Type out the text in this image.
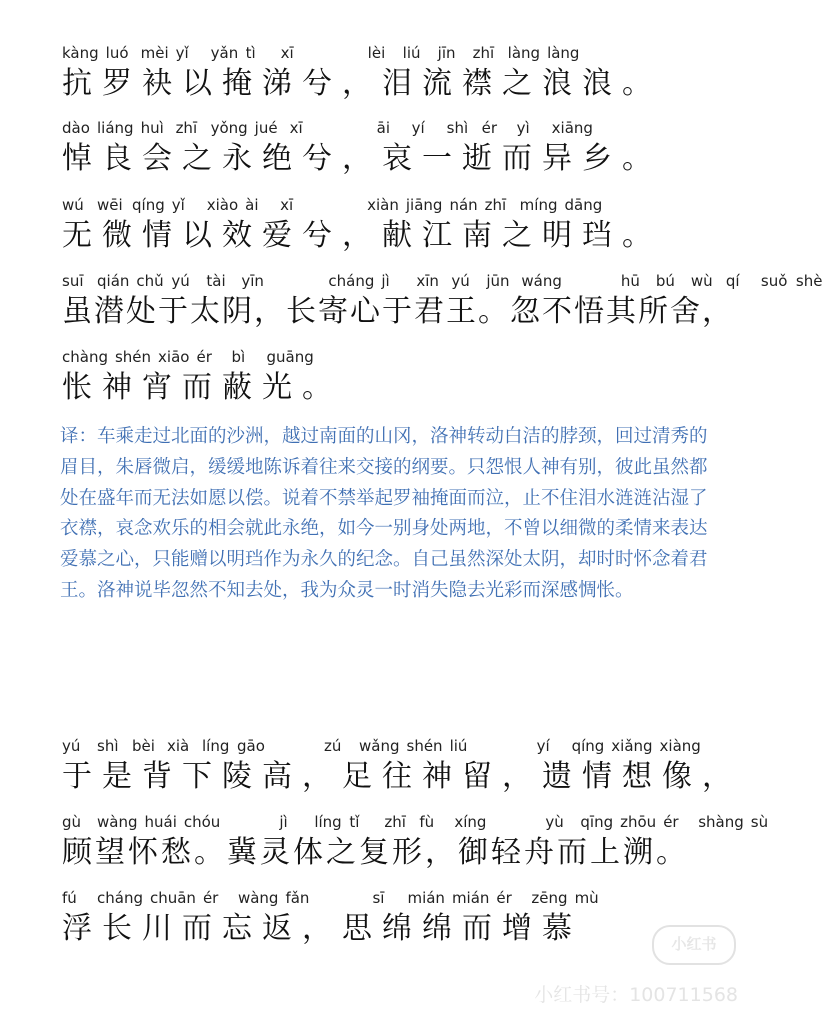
kàng luó mèi yǐ	yǎn tì	xī	lèi	liú	jīn	zhī làng làng
抗罗袂以掩涕兮，泪流襟之浪浪。
dào liáng huì zhī yǒng jué xī	āi	yí	shì ér	yì	xiāng
悼良会之永绝兮，哀一逝而异乡。
wú wēi qíng yǐ	xiào ài	xī	xiàn jiāng nán zhī míng dāng
无微情以效爱兮，献江南之明珰。
suī qián chǔ yú	tài	yīn	cháng jì	xīn yú	jūn wáng	hū	bú	wù qí	suǒ shè
虽潜处于太阴，长寄心于君王。忽不悟其所舍，
chàng shén xiāo ér	bì	guāng
怅神宵而蔽光。
译：车乘走过北面的沙洲，越过南面的山冈，洛神转动白洁的脖颈，回过清秀的眉目，朱唇微启，缓缓地陈诉着往来交接的纲要。只怨恨人神有别，彼此虽然都处在盛年而无法如愿以偿。说着不禁举起罗袖掩面而泣，止不住泪水涟涟沾湿了衣襟，哀念欢乐的相会就此永绝，如今一别身处两地，不曾以细微的柔情来表达爱慕之心，只能赠以明珰作为永久的纪念。自己虽然深处太阴，却时时怀念着君王。洛神说毕忽然不知去处，我为众灵一时消失隐去光彩而深感惆怅。
yú	shì bèi xià líng gāo	zú	wǎng shén liú	yí	qíng xiǎng xiàng
于是背下陵高，足往神留，遗情想像，
gù	wàng huái chóu	jì	líng tǐ	zhī fù	xíng	yù	qīng zhōu ér	shàng sù
顾望怀愁。冀灵体之复形，御轻舟而上溯。
fú	cháng chuān ér	wàng fǎn	sī	mián mián ér	zēng mù
浮长川而忘返，思绵绵而增慕	小红书
小红书号：100711568
